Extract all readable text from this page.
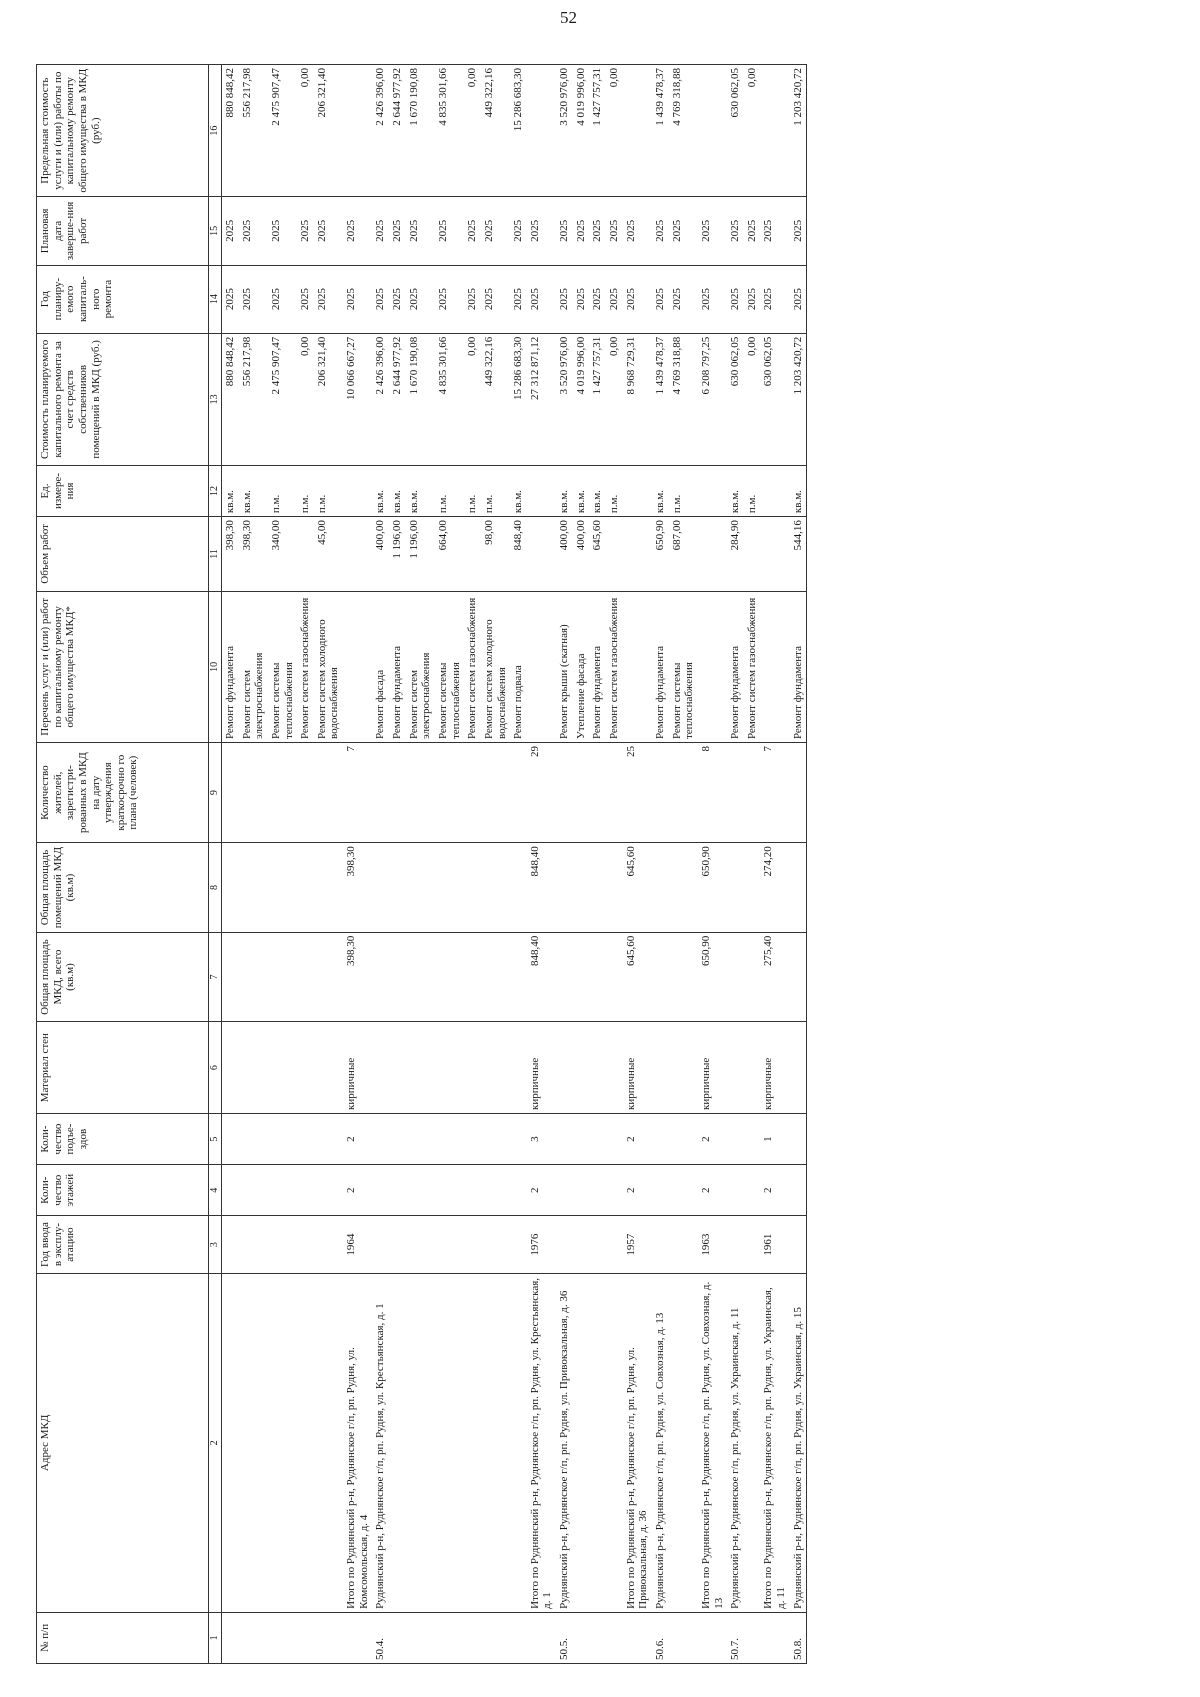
52
№ п/п	Адрес МКД	Год ввода в эксплу-атацию	Коли-чество этажей	Коли-чество подъе-здов	Материал стен	Общая площадь МКД, всего (кв.м)	Общая площадь помещений МКД (кв.м)	Количество жителей, зарегистри-рованных в МКД на дату утверждения краткосрочно го плана (человек)	Перечень услуг и (или) работ по капитальному ремонту общего имущества МКД*	Объем работ	Ед. измере-ния	Стоимость планируемого капитального ремонта за счет средств собственников помещений в МКД (руб.)	Год планиру-емого капиталь-ного ремонта	Плановая дата заверше-ния работ	Предельная стоимость услуги и (или) работы по капитальному ремонту общего имущества в МКД (руб.)
1	2	3	4	5	6	7	8	9	10	11	12	13	14	15	16
									Ремонт фундамента	398,30	кв.м.	880 848,42	2025	2025	880 848,42
									Ремонт систем электроснабжения	398,30	кв.м.	556 217,98	2025	2025	556 217,98
									Ремонт системы теплоснабжения	340,00	п.м.	2 475 907,47	2025	2025	2 475 907,47
									Ремонт систем газоснабжения		п.м.	0,00	2025	2025	0,00
									Ремонт систем холодного водоснабжения	45,00	п.м.	206 321,40	2025	2025	206 321,40
	Итого по Руднянский р-н, Руднянское г/п, рп. Рудня, ул. Комсомольская, д. 4	1964	2	2	кирпичные	398,30	398,30	7				10 066 667,27	2025	2025	
50.4.	Руднянский р-н, Руднянское г/п, рп. Рудня, ул. Крестьянская, д. 1								Ремонт фасада	400,00	кв.м.	2 426 396,00	2025	2025	2 426 396,00
									Ремонт фундамента	1 196,00	кв.м.	2 644 977,92	2025	2025	2 644 977,92
									Ремонт систем электроснабжения	1 196,00	кв.м.	1 670 190,08	2025	2025	1 670 190,08
									Ремонт системы теплоснабжения	664,00	п.м.	4 835 301,66	2025	2025	4 835 301,66
									Ремонт систем газоснабжения		п.м.	0,00	2025	2025	0,00
									Ремонт систем холодного водоснабжения	98,00	п.м.	449 322,16	2025	2025	449 322,16
									Ремонт подвала	848,40	кв.м.	15 286 683,30	2025	2025	15 286 683,30
	Итого по Руднянский р-н, Руднянское г/п, рп. Рудня, ул. Крестьянская, д. 1	1976	2	3	кирпичные	848,40	848,40	29				27 312 871,12	2025	2025	
50.5.	Руднянский р-н, Руднянское г/п, рп. Рудня, ул. Привокзальная, д. 36								Ремонт крыши (скатная)	400,00	кв.м.	3 520 976,00	2025	2025	3 520 976,00
									Утепление фасада	400,00	кв.м.	4 019 996,00	2025	2025	4 019 996,00
									Ремонт фундамента	645,60	кв.м.	1 427 757,31	2025	2025	1 427 757,31
									Ремонт систем газоснабжения		п.м.	0,00	2025	2025	0,00
	Итого по Руднянский р-н, Руднянское г/п, рп. Рудня, ул. Привокзальная, д. 36	1957	2	2	кирпичные	645,60	645,60	25				8 968 729,31	2025	2025	
50.6.	Руднянский р-н, Руднянское г/п, рп. Рудня, ул. Совхозная, д. 13								Ремонт фундамента	650,90	кв.м.	1 439 478,37	2025	2025	1 439 478,37
									Ремонт системы теплоснабжения	687,00	п.м.	4 769 318,88	2025	2025	4 769 318,88
	Итого по Руднянский р-н, Руднянское г/п, рп. Рудня, ул. Совхозная, д. 13	1963	2	2	кирпичные	650,90	650,90	8				6 208 797,25	2025	2025	
50.7.	Руднянский р-н, Руднянское г/п, рп. Рудня, ул. Украинская, д. 11								Ремонт фундамента	284,90	кв.м.	630 062,05	2025	2025	630 062,05
									Ремонт систем газоснабжения		п.м.	0,00	2025	2025	0,00
	Итого по Руднянский р-н, Руднянское г/п, рп. Рудня, ул. Украинская, д. 11	1961	2	1	кирпичные	275,40	274,20	7				630 062,05	2025	2025	
50.8.	Руднянский р-н, Руднянское г/п, рп. Рудня, ул. Украинская, д. 15								Ремонт фундамента	544,16	кв.м.	1 203 420,72	2025	2025	1 203 420,72
